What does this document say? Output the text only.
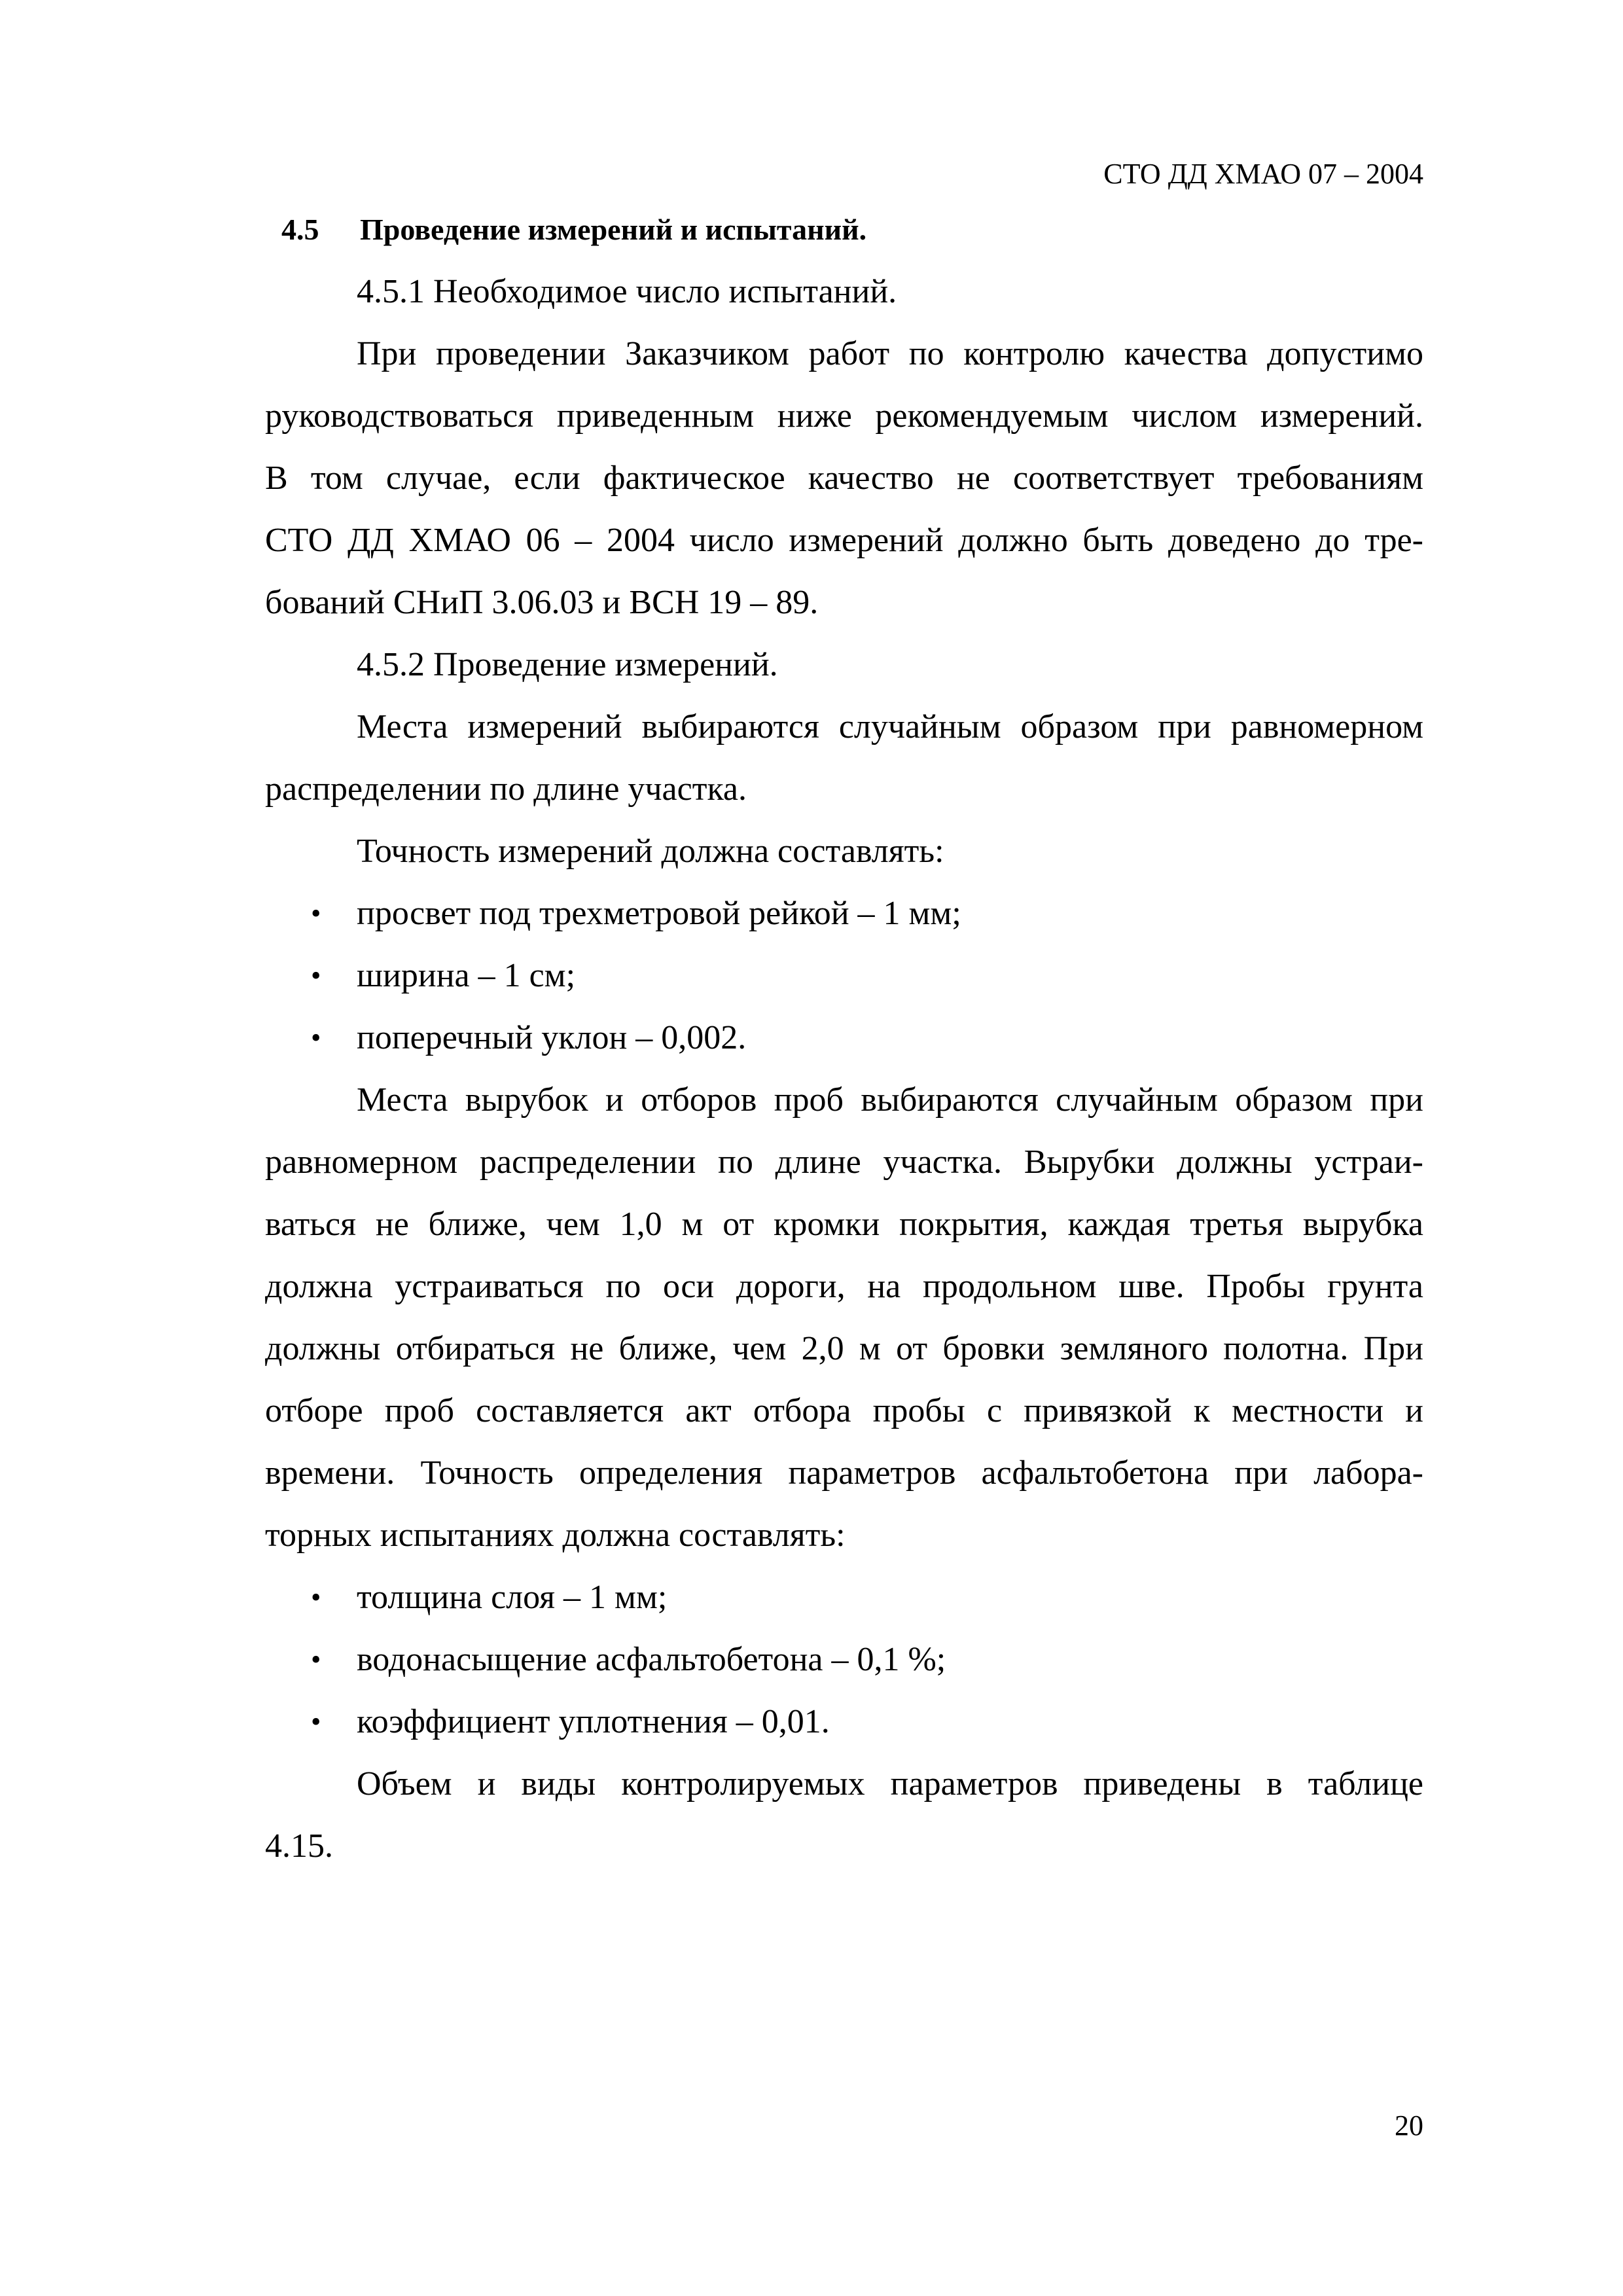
СТО ДД ХМАО 07 – 2004
4.5 Проведение измерений и испытаний.
4.5.1 Необходимое число испытаний.
При проведении Заказчиком работ по контролю качества допустимо
руководствоваться приведенным ниже рекомендуемым числом измерений.
В том случае, если фактическое качество не соответствует требованиям
СТО ДД ХМАО 06 – 2004 число измерений должно быть доведено до тре-
бований СНиП 3.06.03 и ВСН 19 – 89.
4.5.2 Проведение измерений.
Места измерений выбираются случайным образом при равномерном
распределении по длине участка.
Точность измерений должна составлять:
• просвет под трехметровой рейкой – 1 мм;
• ширина – 1 см;
• поперечный уклон – 0,002.
Места вырубок и отборов проб выбираются случайным образом при
равномерном распределении по длине участка. Вырубки должны устраи-
ваться не ближе, чем 1,0 м от кромки покрытия, каждая третья вырубка
должна устраиваться по оси дороги, на продольном шве. Пробы грунта
должны отбираться не ближе, чем 2,0 м от бровки земляного полотна. При
отборе проб составляется акт отбора пробы с привязкой к местности и
времени. Точность определения параметров асфальтобетона при лабора-
торных испытаниях должна составлять:
• толщина слоя – 1 мм;
• водонасыщение асфальтобетона – 0,1 %;
• коэффициент уплотнения – 0,01.
Объем и виды контролируемых параметров приведены в таблице
4.15.
20
